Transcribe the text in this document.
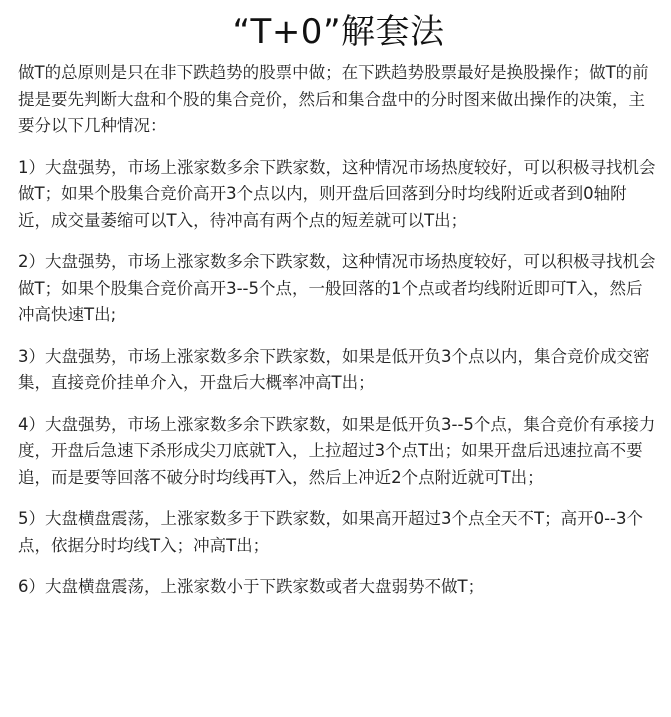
“T+0”解套法

做T的总原则是只在非下跌趋势的股票中做；在下跌趋势股票最好是换股操作；做T的前提是要先判断大盘和个股的集合竞价，然后和集合盘中的分时图来做出操作的决策，主要分以下几种情况：

1）大盘强势，市场上涨家数多余下跌家数，这种情况市场热度较好，可以积极寻找机会做T；如果个股集合竞价高开3个点以内，则开盘后回落到分时均线附近或者到0轴附近，成交量萎缩可以T入，待冲高有两个点的短差就可以T出；

2）大盘强势，市场上涨家数多余下跌家数，这种情况市场热度较好，可以积极寻找机会做T；如果个股集合竞价高开3--5个点，一般回落的1个点或者均线附近即可T入，然后冲高快速T出;

3）大盘强势，市场上涨家数多余下跌家数，如果是低开负3个点以内，集合竞价成交密集，直接竞价挂单介入，开盘后大概率冲高T出；

4）大盘强势，市场上涨家数多余下跌家数，如果是低开负3--5个点，集合竞价有承接力度，开盘后急速下杀形成尖刀底就T入，上拉超过3个点T出；如果开盘后迅速拉高不要追，而是要等回落不破分时均线再T入，然后上冲近2个点附近就可T出；

5）大盘横盘震荡，上涨家数多于下跌家数，如果高开超过3个点全天不T；高开0--3个点，依据分时均线T入；冲高T出；

6）大盘横盘震荡，上涨家数小于下跌家数或者大盘弱势不做T；
